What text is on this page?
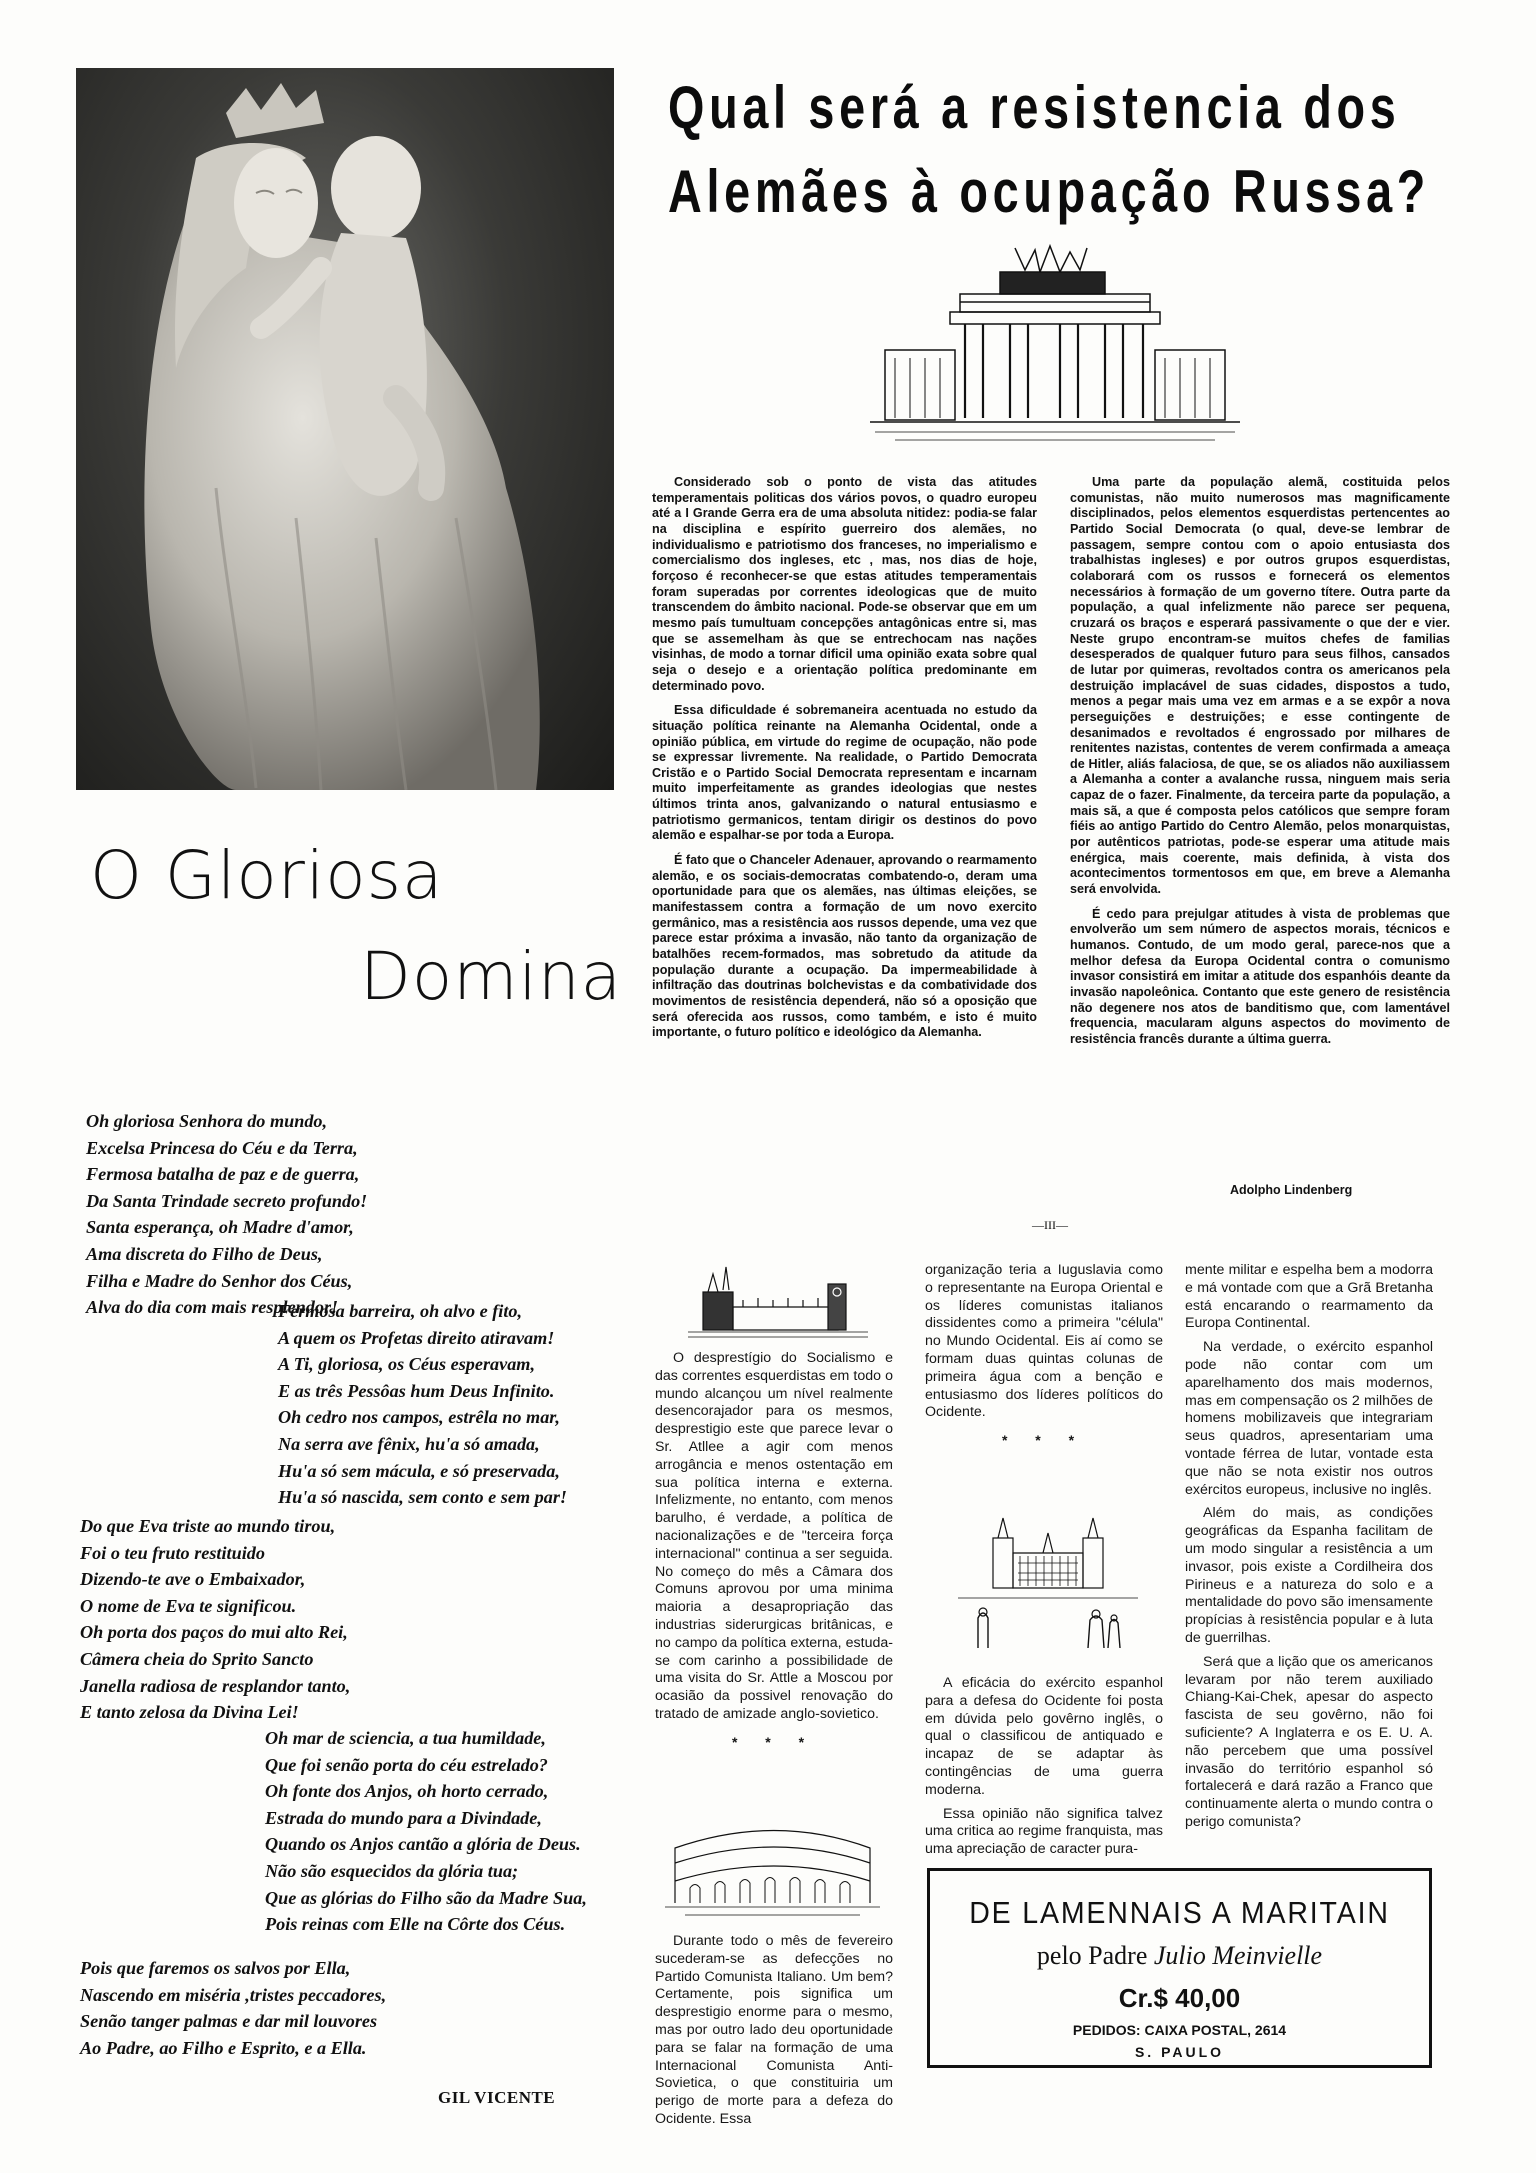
O Gloriosa
Domina
Oh gloriosa Senhora do mundo,
Excelsa Princesa do Céu e da Terra,
Fermosa batalha de paz e de guerra,
Da Santa Trindade secreto profundo!
Santa esperança, oh Madre d'amor,
Ama discreta do Filho de Deus,
Filha e Madre do Senhor dos Céus,
Alva do dia com mais resplendor!
Fermosa barreira, oh alvo e fito,
A quem os Profetas direito atiravam!
A Ti, gloriosa, os Céus esperavam,
E as três Pessôas hum Deus Infinito.
Oh cedro nos campos, estrêla no mar,
Na serra ave fênix, hu'a só amada,
Hu'a só sem mácula, e só preservada,
Hu'a só nascida, sem conto e sem par!
Do que Eva triste ao mundo tirou,
Foi o teu fruto restituido
Dizendo-te ave o Embaixador,
O nome de Eva te significou.
Oh porta dos paços do mui alto Rei,
Câmera cheia do Sprito Sancto
Janella radiosa de resplandor tanto,
E tanto zelosa da Divina Lei!
Oh mar de sciencia, a tua humildade,
Que foi senão porta do céu estrelado?
Oh fonte dos Anjos, oh horto cerrado,
Estrada do mundo para a Divindade,
Quando os Anjos cantão a glória de Deus.
Não são esquecidos da glória tua;
Que as glórias do Filho são da Madre Sua,
Pois reinas com Elle na Côrte dos Céus.
Pois que faremos os salvos por Ella,
Nascendo em miséria ,tristes peccadores,
Senão tanger palmas e dar mil louvores
Ao Padre, ao Filho e Esprito, e a Ella.
GIL VICENTE
Qual será a resistencia dos
Alemães à ocupação Russa?

Considerado sob o ponto de vista das atitudes temperamentais politicas dos vários povos, o quadro europeu até a I Grande Gerra era de uma absoluta nitidez: podia-se falar na disciplina e espírito guerreiro dos alemães, no individualismo e patriotismo dos franceses, no imperialismo e comercialismo dos ingleses, etc , mas, nos dias de hoje, forçoso é reconhecer-se que estas atitudes temperamentais foram superadas por correntes ideologicas que de muito transcendem do âmbito nacional. Pode-se observar que em um mesmo país tumultuam concepções antagônicas entre si, mas que se assemelham às que se entrechocam nas nações visinhas, de modo a tornar dificil uma opinião exata sobre qual seja o desejo e a orientação política predominante em determinado povo.

Essa dificuldade é sobremaneira acentuada no estudo da situação política reinante na Alemanha Ocidental, onde a opinião pública, em virtude do regime de ocupação, não pode se expressar livremente. Na realidade, o Partido Democrata Cristão e o Partido Social Democrata representam e incarnam muito imperfeitamente as grandes ideologias que nestes últimos trinta anos, galvanizando o natural entusiasmo e patriotismo germanicos, tentam dirigir os destinos do povo alemão e espalhar-se por toda a Europa.

É fato que o Chanceler Adenauer, aprovando o rearmamento alemão, e os sociais-democratas combatendo-o, deram uma oportunidade para que os alemães, nas últimas eleições, se manifestassem contra a formação de um novo exercito germânico, mas a resistência aos russos depende, uma vez que parece estar próxima a invasão, não tanto da organização de batalhões recem-formados, mas sobretudo da atitude da população durante a ocupação. Da impermeabilidade à infiltração das doutrinas bolchevistas e da combatividade dos movimentos de resistência dependerá, não só a oposição que será oferecida aos russos, como também, e isto é muito importante, o futuro político e ideológico da Alemanha.

Uma parte da população alemã, costituida pelos comunistas, não muito numerosos mas magnificamente disciplinados, pelos elementos esquerdistas pertencentes ao Partido Social Democrata (o qual, deve-se lembrar de passagem, sempre contou com o apoio entusiasta dos trabalhistas ingleses) e por outros grupos esquerdistas, colaborará com os russos e fornecerá os elementos necessários à formação de um governo títere. Outra parte da população, a qual infelizmente não parece ser pequena, cruzará os braços e esperará passivamente o que der e vier. Neste grupo encontram-se muitos chefes de familias desesperados de qualquer futuro para seus filhos, cansados de lutar por quimeras, revoltados contra os americanos pela destruição implacável de suas cidades, dispostos a tudo, menos a pegar mais uma vez em armas e a se expôr a nova perseguições e destruições; e esse contingente de desanimados e revoltados é engrossado por milhares de renitentes nazistas, contentes de verem confirmada a ameaça de Hitler, aliás falaciosa, de que, se os aliados não auxiliassem a Alemanha a conter a avalanche russa, ninguem mais seria capaz de o fazer. Finalmente, da terceira parte da população, a mais sã, a que é composta pelos católicos que sempre foram fiéis ao antigo Partido do Centro Alemão, pelos monarquistas, por autênticos patriotas, pode-se esperar uma atitude mais enérgica, mais coerente, mais definida, à vista dos acontecimentos tormentosos em que, em breve a Alemanha será envolvida.

É cedo para prejulgar atitudes à vista de problemas que envolverão um sem número de aspectos morais, técnicos e humanos. Contudo, de um modo geral, parece-nos que a melhor defesa da Europa Ocidental contra o comunismo invasor consistirá em imitar a atitude dos espanhóis deante da invasão napoleônica. Contanto que este genero de resistência não degenere nos atos de banditismo que, com lamentável frequencia, macularam alguns aspectos do movimento de resistência francês durante a última guerra.

Adolpho Lindenberg
—III—

O desprestígio do Socialismo e das correntes esquerdistas em todo o mundo alcançou um nível realmente desencorajador para os mesmos, desprestigio este que parece levar o Sr. Atllee a agir com menos arrogância e menos ostentação em sua política interna e externa. Infelizmente, no entanto, com menos barulho, é verdade, a política de nacionalizações e de "terceira força internacional" continua a ser seguida. No começo do mês a Câmara dos Comuns aprovou por uma minima maioria a desapropriação das industrias siderurgicas britânicas, e no campo da política externa, estuda-se com carinho a possibilidade de uma visita do Sr. Attle a Moscou por ocasião da possivel renovação do tratado de amizade anglo-sovietico.

* * *

Durante todo o mês de fevereiro sucederam-se as defecções no Partido Comunista Italiano. Um bem? Certamente, pois significa um desprestigio enorme para o mesmo, mas por outro lado deu oportunidade para se falar na formação de uma Internacional Comunista Anti-Sovietica, o que constituiria um perigo de morte para a defeza do Ocidente. Essa

organização teria a Iuguslavia como o representante na Europa Oriental e os líderes comunistas italianos dissidentes como a primeira "célula" no Mundo Ocidental. Eis aí como se formam duas quintas colunas de primeira água com a benção e entusiasmo dos líderes políticos do Ocidente.

* * *

A eficácia do exército espanhol para a defesa do Ocidente foi posta em dúvida pelo govêrno inglês, o qual o classificou de antiquado e incapaz de se adaptar às contingências de uma guerra moderna.

Essa opinião não significa talvez uma critica ao regime franquista, mas uma apreciação de caracter pura-

mente militar e espelha bem a modorra e má vontade com que a Grã Bretanha está encarando o rearmamento da Europa Continental.

Na verdade, o exército espanhol pode não contar com um aparelhamento dos mais modernos, mas em compensação os 2 milhões de homens mobilizaveis que integrariam seus quadros, apresentariam uma vontade férrea de lutar, vontade esta que não se nota existir nos outros exércitos europeus, inclusive no inglês.

Além do mais, as condições geográficas da Espanha facilitam de um modo singular a resistência a um invasor, pois existe a Cordilheira dos Pirineus e a natureza do solo e a mentalidade do povo são imensamente propícias à resistência popular e à luta de guerrilhas.

Será que a lição que os americanos levaram por não terem auxiliado Chiang-Kai-Chek, apesar do aspecto fascista de seu govêrno, não foi suficiente? A Inglaterra e os E. U. A. não percebem que uma possível invasão do território espanhol só fortalecerá e dará razão a Franco que continuamente alerta o mundo contra o perigo comunista?

DE LAMENNAIS A MARITAIN
pelo Padre Julio Meinvielle
Cr.$ 40,00
PEDIDOS: CAIXA POSTAL, 2614
S. PAULO
